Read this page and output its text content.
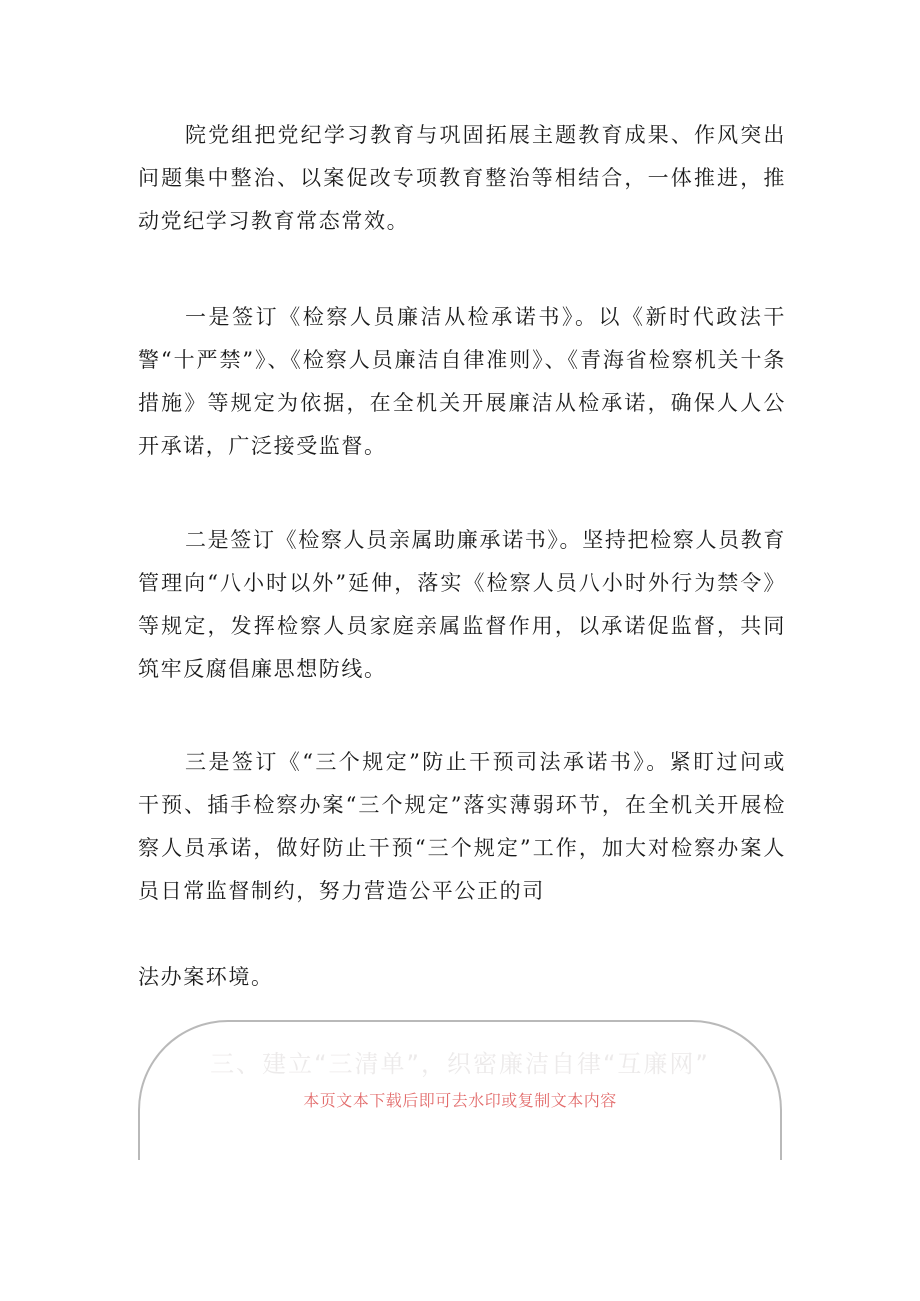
院党组把党纪学习教育与巩固拓展主题教育成果、作风突出问题集中整治、以案促改专项教育整治等相结合，一体推进，推动党纪学习教育常态常效。

一是签订《检察人员廉洁从检承诺书》。以《新时代政法干警“十严禁”》、《检察人员廉洁自律准则》、《青海省检察机关十条措施》等规定为依据，在全机关开展廉洁从检承诺，确保人人公开承诺，广泛接受监督。

二是签订《检察人员亲属助廉承诺书》。坚持把检察人员教育管理向“八小时以外”延伸，落实《检察人员八小时外行为禁令》等规定，发挥检察人员家庭亲属监督作用，以承诺促监督，共同筑牢反腐倡廉思想防线。

三是签订《“三个规定”防止干预司法承诺书》。紧盯过问或干预、插手检察办案“三个规定”落实薄弱环节，在全机关开展检察人员承诺，做好防止干预“三个规定”工作，加大对检察办案人员日常监督制约，努力营造公平公正的司

法办案环境。

三、建立“三清单”，织密廉洁自律“互廉网”
本页文本下载后即可去水印或复制文本内容
